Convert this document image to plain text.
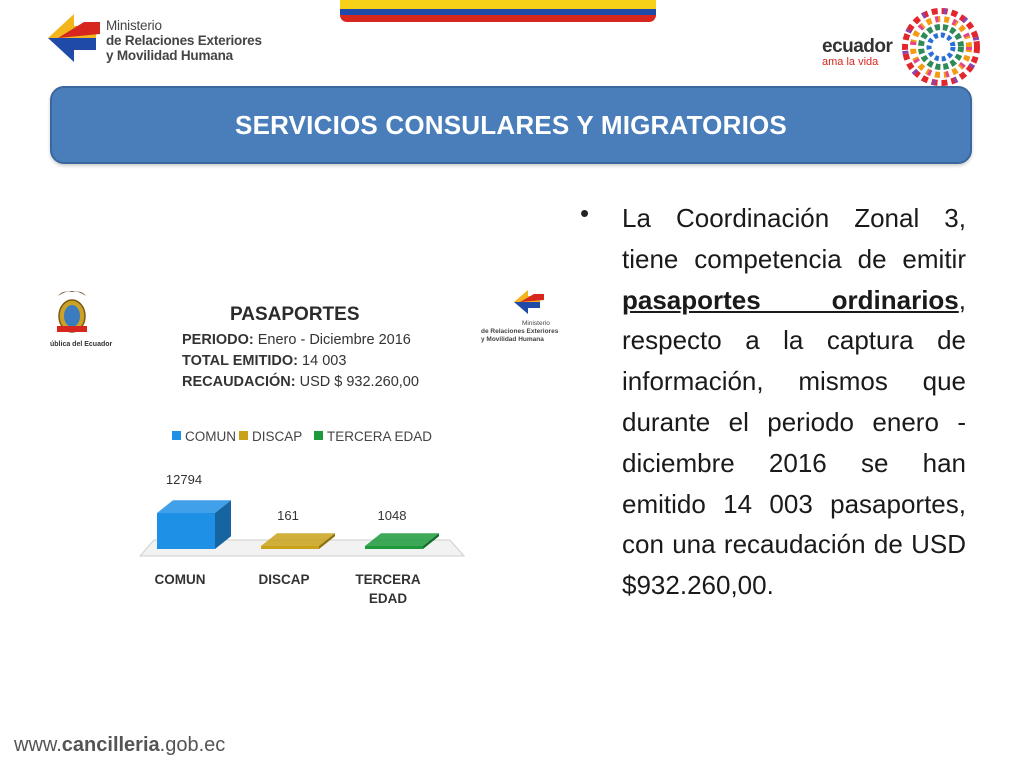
Ministerio
de Relaciones Exteriores
y Movilidad Humana	ecuador
ama la vida
SERVICIOS CONSULARES Y MIGRATORIOS
ública del Ecuador
Ministerio
de Relaciones Exteriores
y Movilidad Humana
PASAPORTES
PERIODO: Enero - Diciembre 2016
TOTAL EMITIDO: 14 003
RECAUDACIÓN: USD $ 932.260,00
COMUN DISCAP TERCERA EDAD
12794
COMUN
161
DISCAP
1048
TERCERA
EDAD
• La Coordinación Zonal 3, tiene competencia de emitir pasaportes ordinarios, respecto a la captura de información, mismos que durante el periodo enero - diciembre 2016 se han emitido 14 003 pasaportes, con una recaudación de USD $932.260,00.
www.cancilleria.gob.ec
